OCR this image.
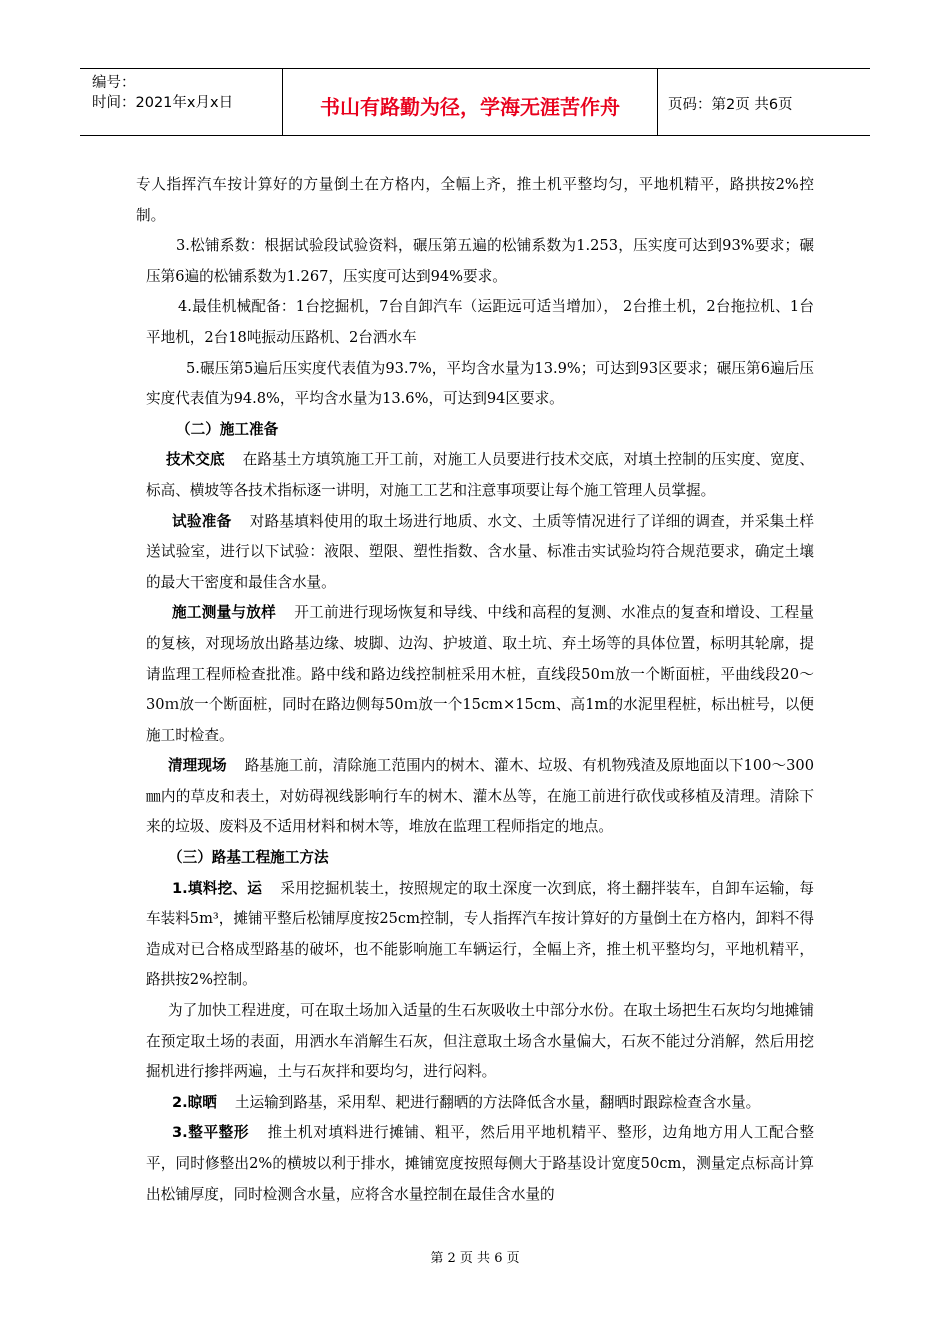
编号：
时间：2021年x月x日	书山有路勤为径，学海无涯苦作舟	页码：第2页 共6页

专人指挥汽车按计算好的方量倒土在方格内，全幅上齐，推土机平整均匀，平地机精平，路拱按2%控制。

3.松铺系数：根据试验段试验资料，碾压第五遍的松铺系数为1.253，压实度可达到93%要求；碾压第6遍的松铺系数为1.267，压实度可达到94%要求。

4.最佳机械配备：1台挖掘机，7台自卸汽车（运距远可适当增加）， 2台推土机，2台拖拉机、1台平地机，2台18吨振动压路机、2台洒水车

5.碾压第5遍后压实度代表值为93.7%，平均含水量为13.9%；可达到93区要求；碾压第6遍后压实度代表值为94.8%，平均含水量为13.6%，可达到94区要求。

（二）施工准备

技术交底 在路基土方填筑施工开工前，对施工人员要进行技术交底，对填土控制的压实度、宽度、标高、横坡等各技术指标逐一讲明，对施工工艺和注意事项要让每个施工管理人员掌握。

试验准备 对路基填料使用的取土场进行地质、水文、土质等情况进行了详细的调查，并采集土样送试验室，进行以下试验：液限、塑限、塑性指数、含水量、标准击实试验均符合规范要求，确定土壤的最大干密度和最佳含水量。

施工测量与放样 开工前进行现场恢复和导线、中线和高程的复测、水准点的复查和增设、工程量的复核，对现场放出路基边缘、坡脚、边沟、护坡道、取土坑、弃土场等的具体位置，标明其轮廓，提请监理工程师检查批准。路中线和路边线控制桩采用木桩，直线段50ｍ放一个断面桩，平曲线段20～30ｍ放一个断面桩，同时在路边侧每50ｍ放一个15cm×15cm、高1m的水泥里程桩，标出桩号，以便施工时检查。

清理现场 路基施工前，清除施工范围内的树木、灌木、垃圾、有机物残渣及原地面以下100～300㎜内的草皮和表土，对妨碍视线影响行车的树木、灌木丛等，在施工前进行砍伐或移植及清理。清除下来的垃圾、废料及不适用材料和树木等，堆放在监理工程师指定的地点。

（三）路基工程施工方法

1.填料挖、运 采用挖掘机装土，按照规定的取土深度一次到底，将土翻拌装车，自卸车运输，每车装料5m³，摊铺平整后松铺厚度按25cm控制，专人指挥汽车按计算好的方量倒土在方格内，卸料不得造成对已合格成型路基的破坏，也不能影响施工车辆运行，全幅上齐，推土机平整均匀，平地机精平，路拱按2%控制。

为了加快工程进度，可在取土场加入适量的生石灰吸收土中部分水份。在取土场把生石灰均匀地摊铺在预定取土场的表面，用洒水车消解生石灰，但注意取土场含水量偏大，石灰不能过分消解，然后用挖掘机进行掺拌两遍，土与石灰拌和要均匀，进行闷料。

2.晾晒 土运输到路基，采用犁、耙进行翻晒的方法降低含水量，翻晒时跟踪检查含水量。

3.整平整形 推土机对填料进行摊铺、粗平，然后用平地机精平、整形，边角地方用人工配合整平，同时修整出2%的横坡以利于排水，摊铺宽度按照每侧大于路基设计宽度50cm，测量定点标高计算出松铺厚度，同时检测含水量，应将含水量控制在最佳含水量的

第 2 页 共 6 页
